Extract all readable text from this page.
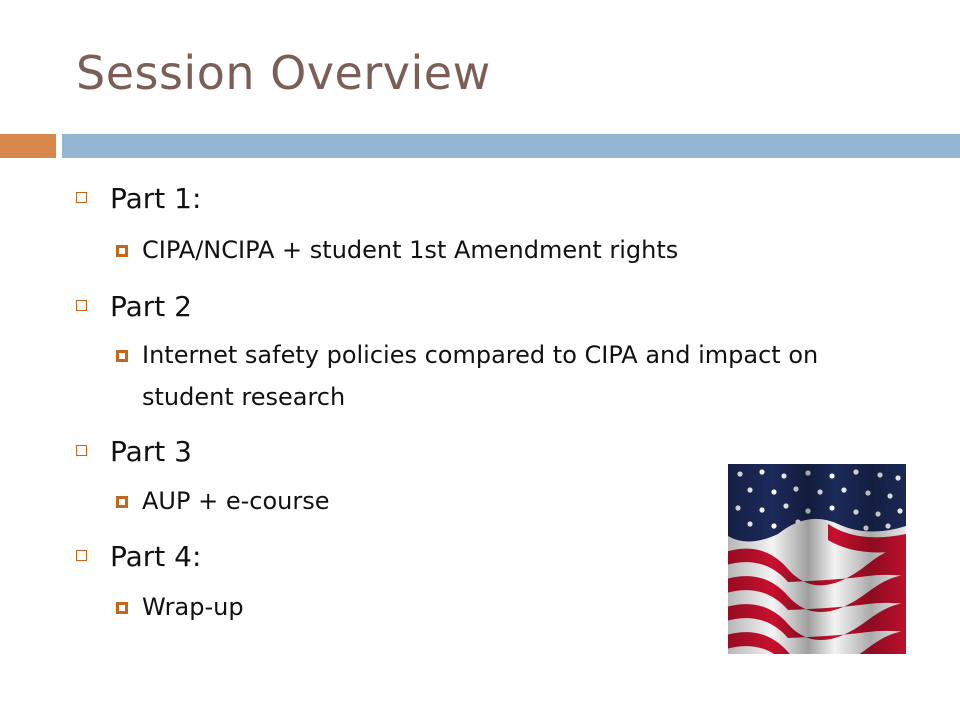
Session Overview
Part 1:
CIPA/NCIPA + student 1st Amendment rights
Part 2
Internet safety policies compared to CIPA and impact on student research
Part 3
AUP + e-course
Part 4:
Wrap-up
